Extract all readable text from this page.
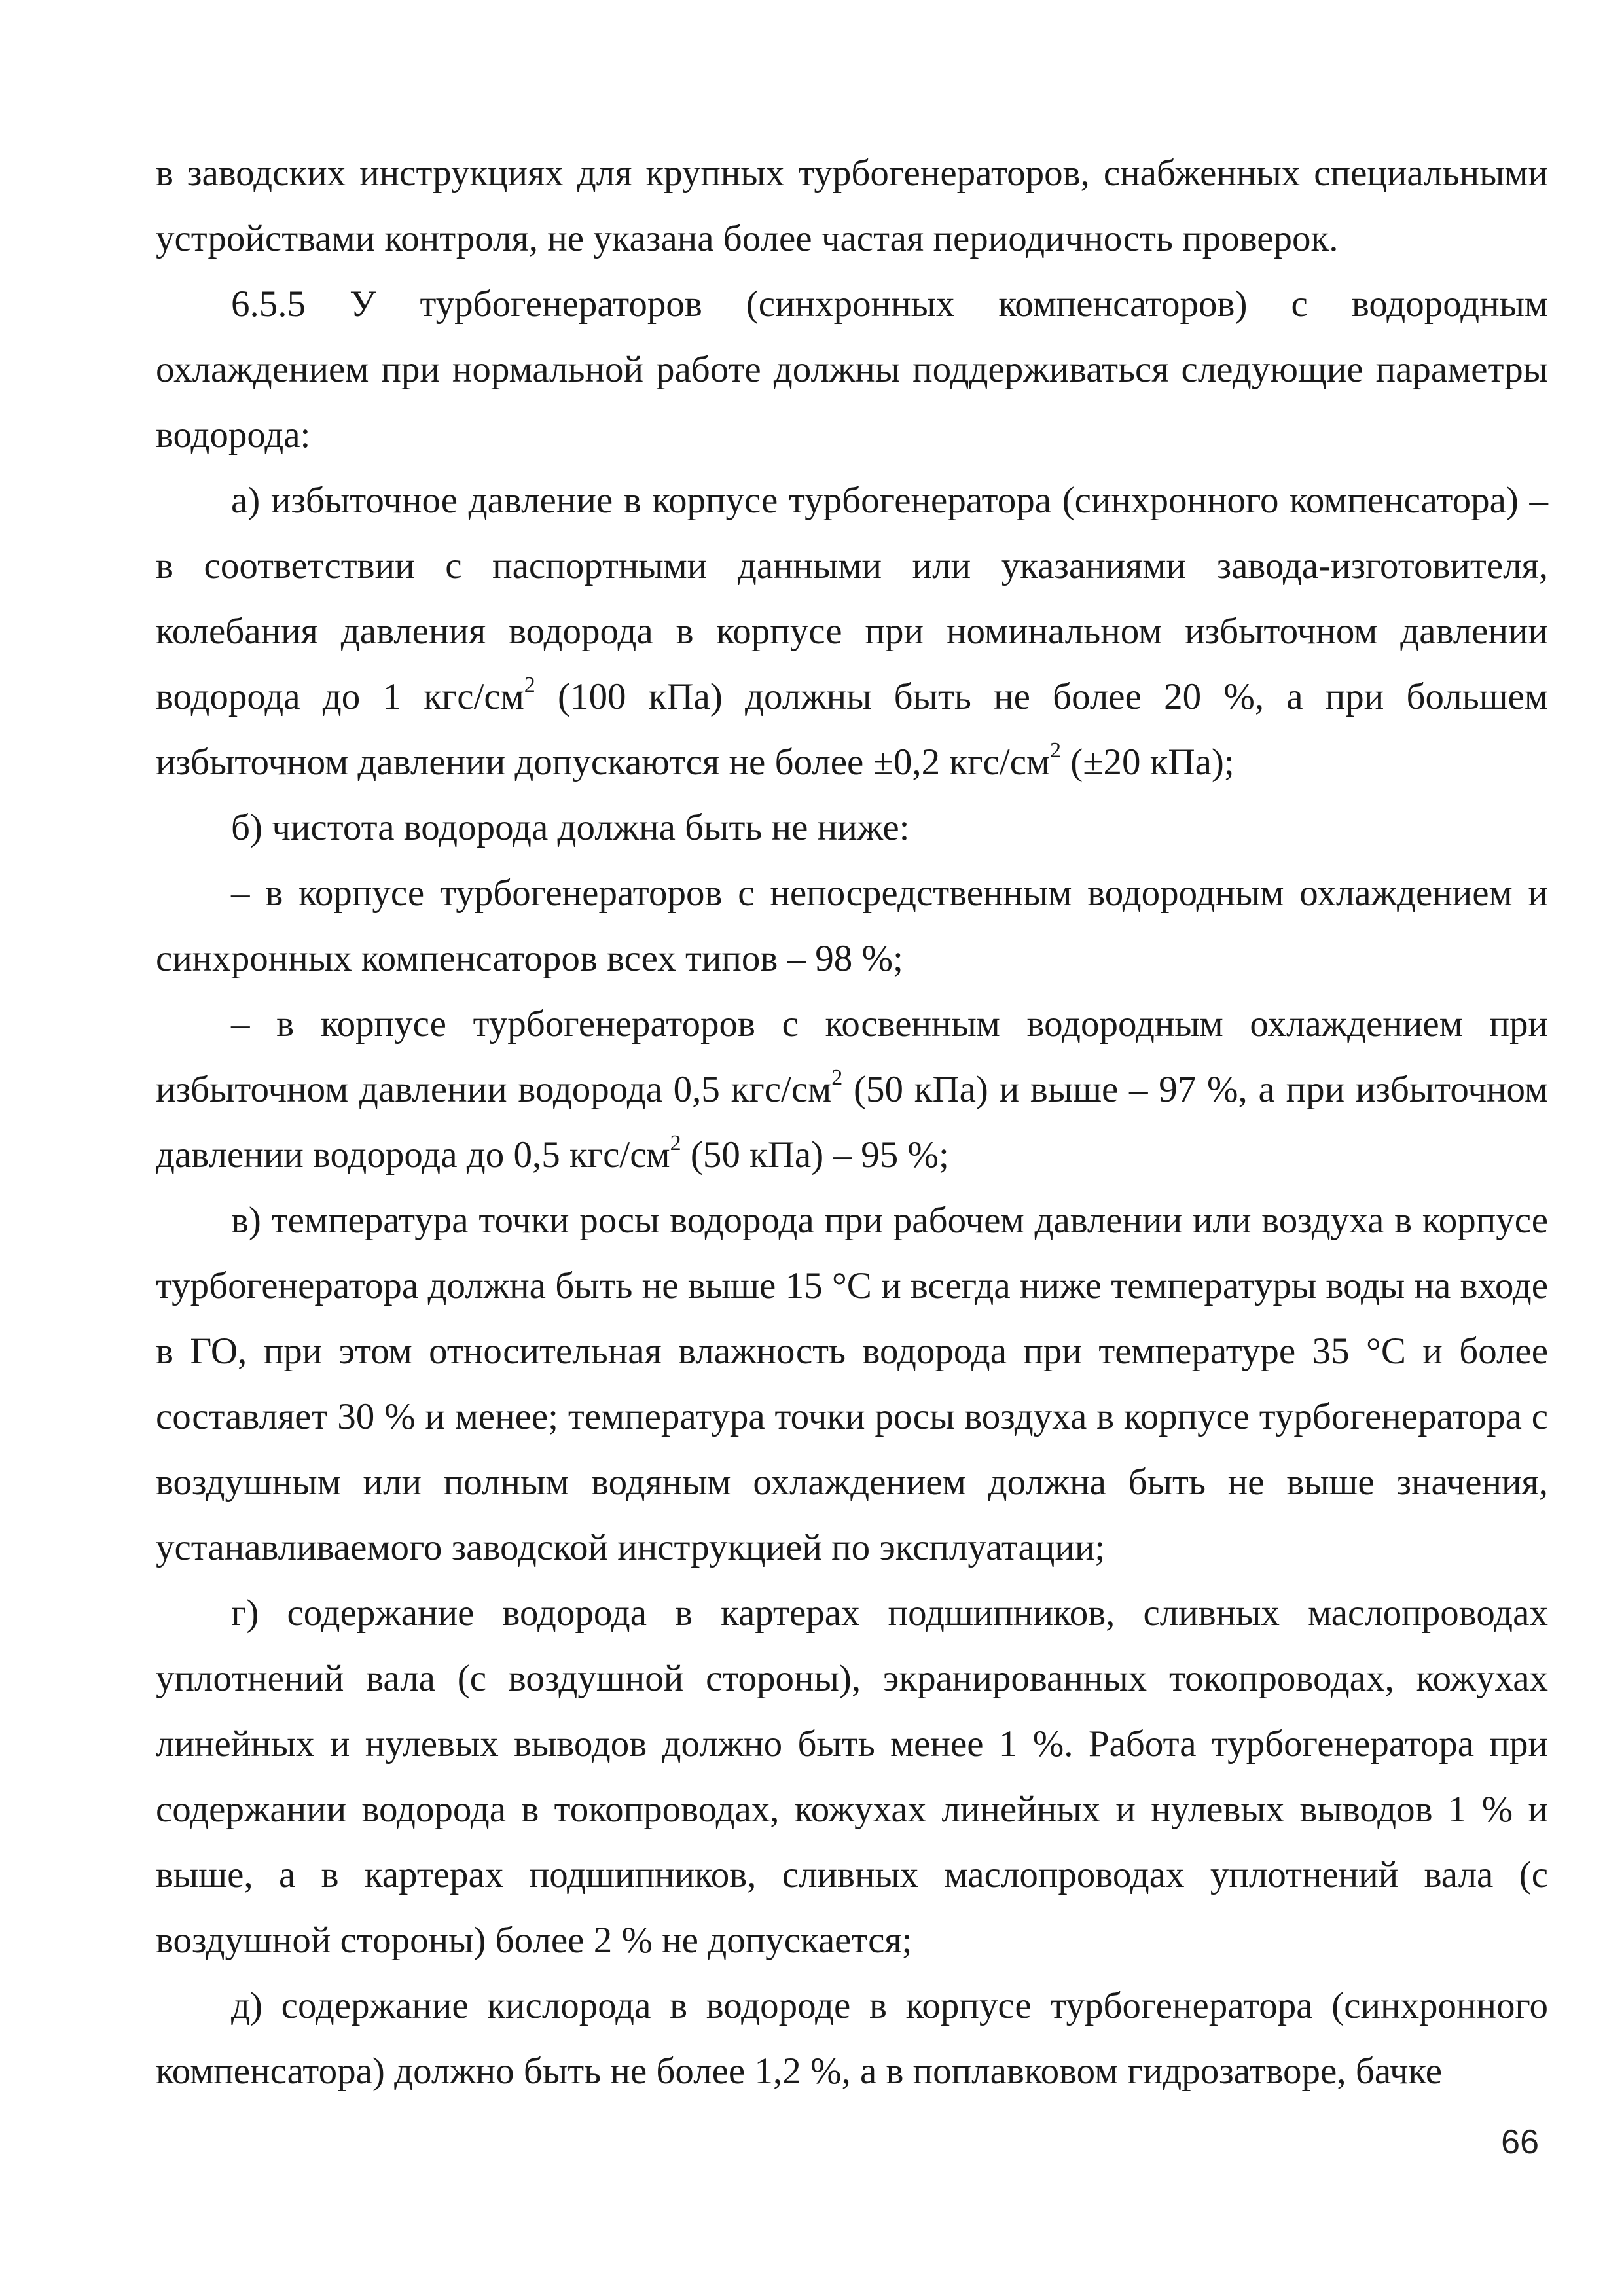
в заводских инструкциях для крупных турбогенераторов, снабженных специальными устройствами контроля, не указана более частая периодичность проверок.

6.5.5 У турбогенераторов (синхронных компенсаторов) с водородным охлаждением при нормальной работе должны поддерживаться следующие параметры водорода:

а) избыточное давление в корпусе турбогенератора (синхронного компенсатора) – в соответствии с паспортными данными или указаниями завода-изготовителя, колебания давления водорода в корпусе при номинальном избыточном давлении водорода до 1 кгс/$см^2$ (100 кПа) должны быть не более 20 %, а при большем избыточном давлении допускаются не более ±0,2 кгс/$см^2$ (±20 кПа);

б) чистота водорода должна быть не ниже:

– в корпусе турбогенераторов с непосредственным водородным охлаждением и синхронных компенсаторов всех типов – 98 %;

– в корпусе турбогенераторов с косвенным водородным охлаждением при избыточном давлении водорода 0,5 кгс/$см^2$ (50 кПа) и выше – 97 %, а при избыточном давлении водорода до 0,5 кгс/$см^2$ (50 кПа) – 95 %;

в) температура точки росы водорода при рабочем давлении или воздуха в корпусе турбогенератора должна быть не выше 15 °С и всегда ниже температуры воды на входе в ГО, при этом относительная влажность водорода при температуре 35 °С и более составляет 30 % и менее; температура точки росы воздуха в корпусе турбогенератора с воздушным или полным водяным охлаждением должна быть не выше значения, устанавливаемого заводской инструкцией по эксплуатации;

г) содержание водорода в картерах подшипников, сливных маслопроводах уплотнений вала (с воздушной стороны), экранированных токопроводах, кожухах линейных и нулевых выводов должно быть менее 1 %. Работа турбогенератора при содержании водорода в токопроводах, кожухах линейных и нулевых выводов 1 % и выше, а в картерах подшипников, сливных маслопроводах уплотнений вала (с воздушной стороны) более 2 % не допускается;

д) содержание кислорода в водороде в корпусе турбогенератора (синхронного компенсатора) должно быть не более 1,2 %, а в поплавковом гидрозатворе, бачке

66
